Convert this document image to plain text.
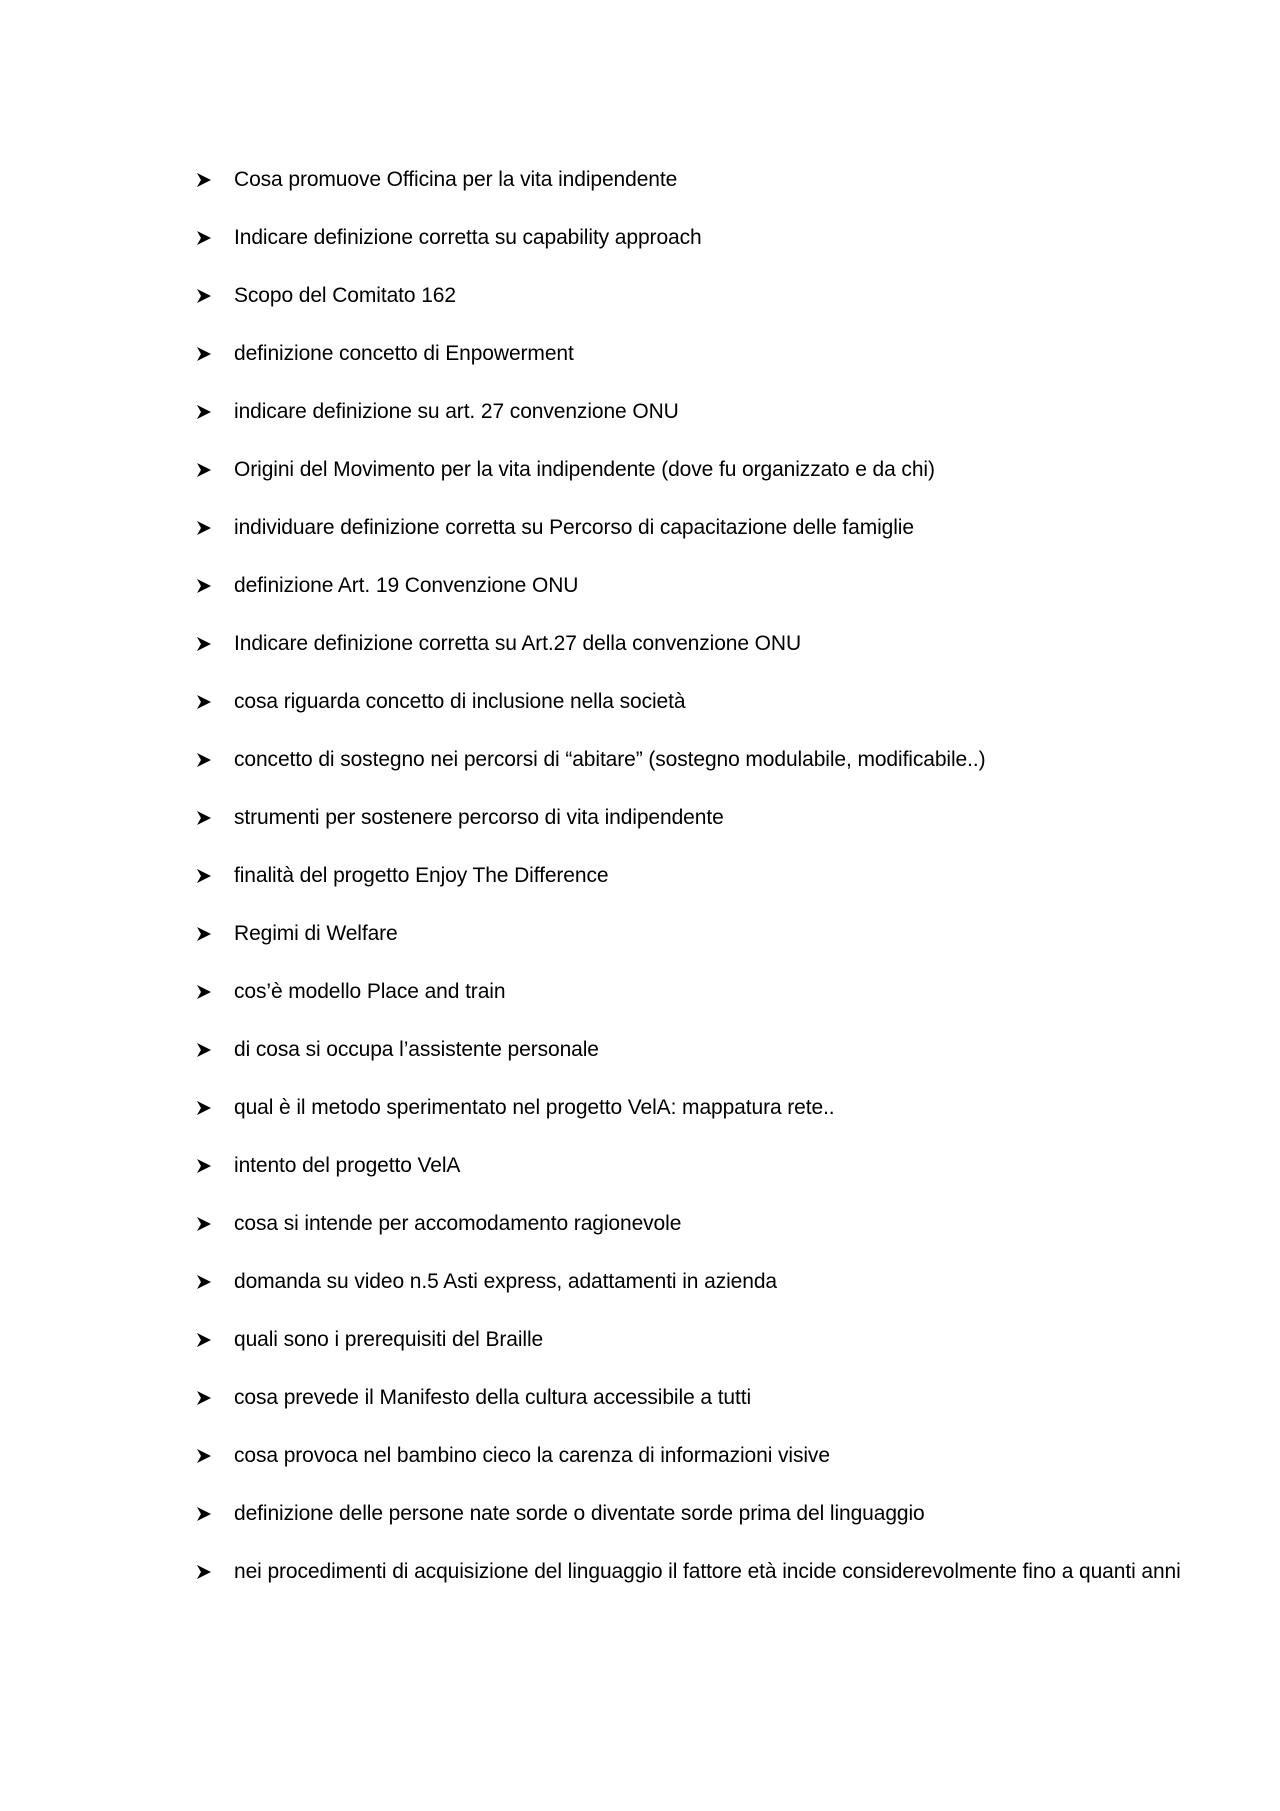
Cosa promuove Officina per la vita indipendente
Indicare definizione corretta su capability approach
Scopo del Comitato 162
definizione concetto di Enpowerment
indicare definizione su art. 27 convenzione ONU
Origini del Movimento per la vita indipendente (dove fu organizzato e da chi)
individuare definizione corretta su Percorso di capacitazione delle famiglie
definizione Art. 19 Convenzione ONU
Indicare definizione corretta su Art.27 della convenzione ONU
cosa riguarda concetto di inclusione nella società
concetto di sostegno nei percorsi di “abitare” (sostegno modulabile, modificabile..)
strumenti per sostenere percorso di vita indipendente
finalità del progetto Enjoy The Difference
Regimi di Welfare
cos’è modello Place and train
di cosa si occupa l’assistente personale
qual è il metodo sperimentato nel progetto VelA: mappatura rete..
intento del progetto VelA
cosa si intende per accomodamento ragionevole
domanda su video n.5 Asti express, adattamenti in azienda
quali sono i prerequisiti del Braille
cosa prevede il Manifesto della cultura accessibile a tutti
cosa provoca nel bambino cieco la carenza di informazioni visive
definizione delle persone nate sorde o diventate sorde prima del linguaggio
nei procedimenti di acquisizione del linguaggio il fattore età incide considerevolmente fino a quanti anni
